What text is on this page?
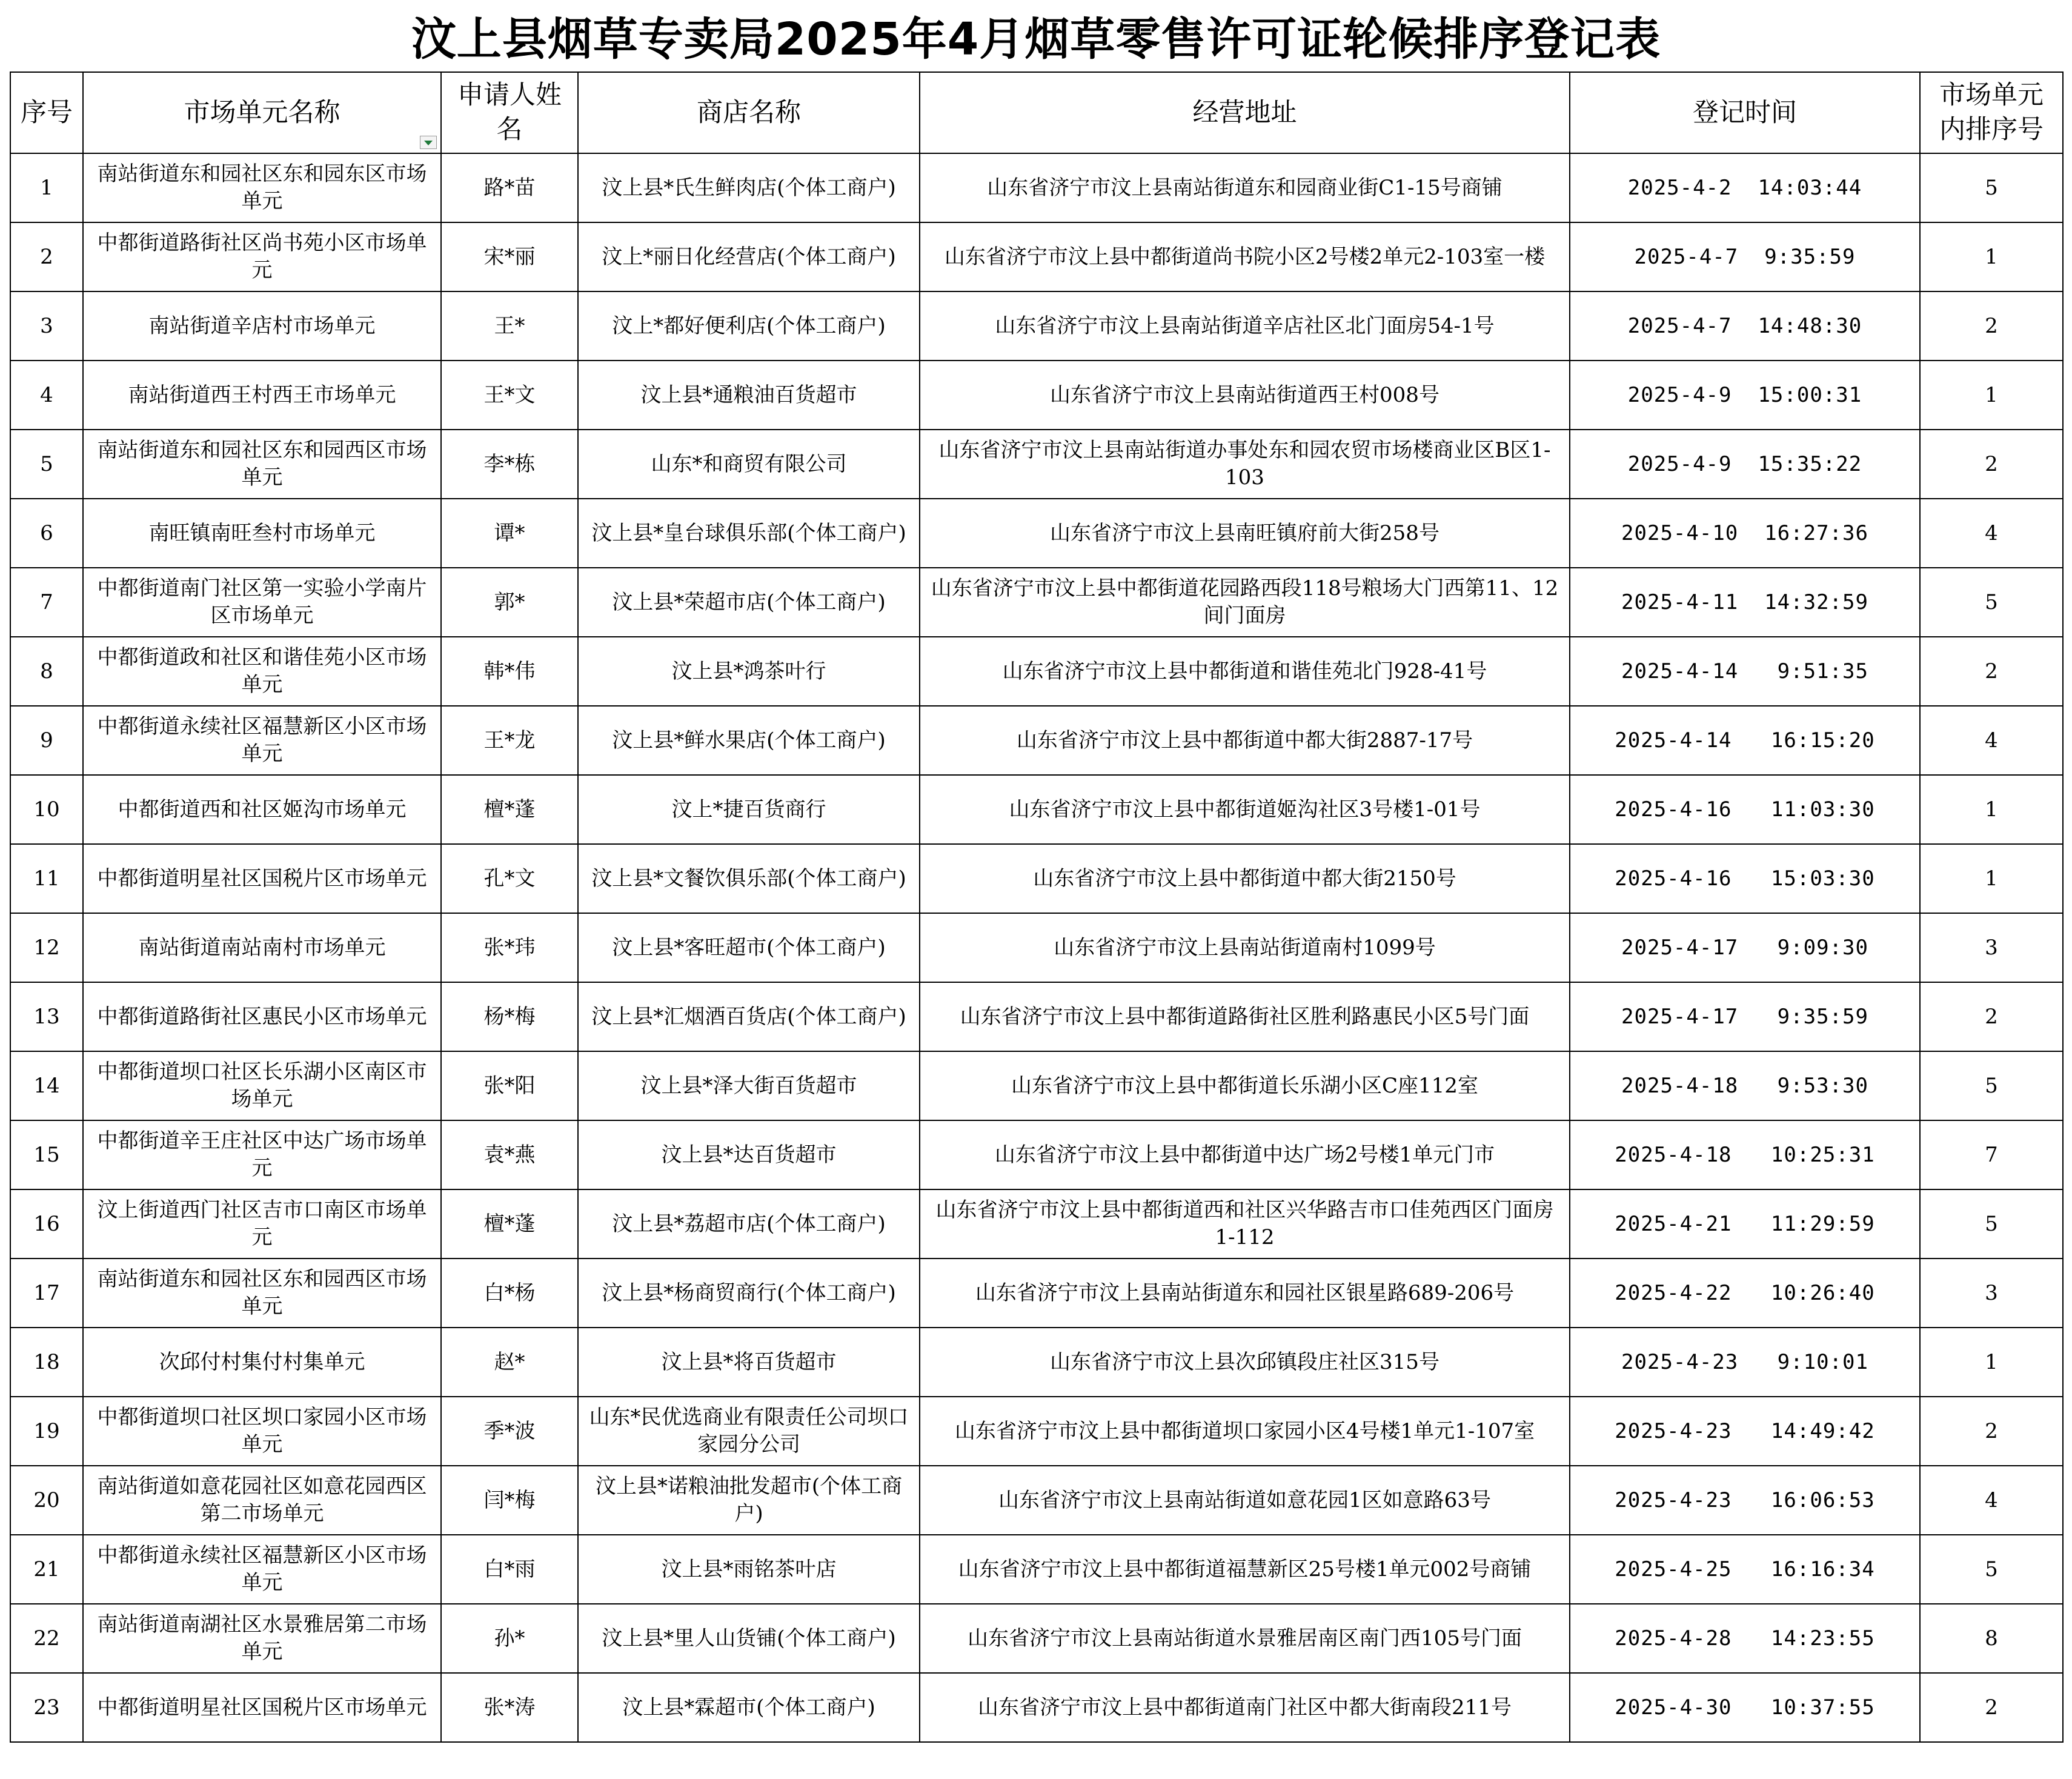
汶上县烟草专卖局2025年4月烟草零售许可证轮候排序登记表
序号	市场单元名称	申请人姓名	商店名称	经营地址	登记时间	市场单元内排序号
1	南站街道东和园社区东和园东区市场单元	路*苗	汶上县*氏生鲜肉店(个体工商户)	山东省济宁市汶上县南站街道东和园商业街C1-15号商铺	2025-4-2  14:03:44	5
2	中都街道路街社区尚书苑小区市场单元	宋*丽	汶上*丽日化经营店(个体工商户)	山东省济宁市汶上县中都街道尚书院小区2号楼2单元2-103室一楼	2025-4-7  9:35:59	1
3	南站街道辛店村市场单元	王*	汶上*都好便利店(个体工商户)	山东省济宁市汶上县南站街道辛店社区北门面房54-1号	2025-4-7  14:48:30	2
4	南站街道西王村西王市场单元	王*文	汶上县*通粮油百货超市	山东省济宁市汶上县南站街道西王村008号	2025-4-9  15:00:31	1
5	南站街道东和园社区东和园西区市场单元	李*栋	山东*和商贸有限公司	山东省济宁市汶上县南站街道办事处东和园农贸市场楼商业区B区1-103	2025-4-9  15:35:22	2
6	南旺镇南旺叁村市场单元	谭*	汶上县*皇台球俱乐部(个体工商户)	山东省济宁市汶上县南旺镇府前大街258号	2025-4-10  16:27:36	4
7	中都街道南门社区第一实验小学南片区市场单元	郭*	汶上县*荣超市店(个体工商户)	山东省济宁市汶上县中都街道花园路西段118号粮场大门西第11、12间门面房	2025-4-11  14:32:59	5
8	中都街道政和社区和谐佳苑小区市场单元	韩*伟	汶上县*鸿茶叶行	山东省济宁市汶上县中都街道和谐佳苑北门928-41号	2025-4-14   9:51:35	2
9	中都街道永续社区福慧新区小区市场单元	王*龙	汶上县*鲜水果店(个体工商户)	山东省济宁市汶上县中都街道中都大街2887-17号	2025-4-14   16:15:20	4
10	中都街道西和社区姬沟市场单元	檀*蓬	汶上*捷百货商行	山东省济宁市汶上县中都街道姬沟社区3号楼1-01号	2025-4-16   11:03:30	1
11	中都街道明星社区国税片区市场单元	孔*文	汶上县*文餐饮俱乐部(个体工商户)	山东省济宁市汶上县中都街道中都大街2150号	2025-4-16   15:03:30	1
12	南站街道南站南村市场单元	张*玮	汶上县*客旺超市(个体工商户)	山东省济宁市汶上县南站街道南村1099号	2025-4-17   9:09:30	3
13	中都街道路街社区惠民小区市场单元	杨*梅	汶上县*汇烟酒百货店(个体工商户)	山东省济宁市汶上县中都街道路街社区胜利路惠民小区5号门面	2025-4-17   9:35:59	2
14	中都街道坝口社区长乐湖小区南区市场单元	张*阳	汶上县*泽大街百货超市	山东省济宁市汶上县中都街道长乐湖小区C座112室	2025-4-18   9:53:30	5
15	中都街道辛王庄社区中达广场市场单元	袁*燕	汶上县*达百货超市	山东省济宁市汶上县中都街道中达广场2号楼1单元门市	2025-4-18   10:25:31	7
16	汶上街道西门社区吉市口南区市场单元	檀*蓬	汶上县*荔超市店(个体工商户)	山东省济宁市汶上县中都街道西和社区兴华路吉市口佳苑西区门面房1-112	2025-4-21   11:29:59	5
17	南站街道东和园社区东和园西区市场单元	白*杨	汶上县*杨商贸商行(个体工商户)	山东省济宁市汶上县南站街道东和园社区银星路689-206号	2025-4-22   10:26:40	3
18	次邱付村集付村集单元	赵*	汶上县*将百货超市	山东省济宁市汶上县次邱镇段庄社区315号	2025-4-23   9:10:01	1
19	中都街道坝口社区坝口家园小区市场单元	季*波	山东*民优选商业有限责任公司坝口家园分公司	山东省济宁市汶上县中都街道坝口家园小区4号楼1单元1-107室	2025-4-23   14:49:42	2
20	南站街道如意花园社区如意花园西区第二市场单元	闫*梅	汶上县*诺粮油批发超市(个体工商户)	山东省济宁市汶上县南站街道如意花园1区如意路63号	2025-4-23   16:06:53	4
21	中都街道永续社区福慧新区小区市场单元	白*雨	汶上县*雨铭茶叶店	山东省济宁市汶上县中都街道福慧新区25号楼1单元002号商铺	2025-4-25   16:16:34	5
22	南站街道南湖社区水景雅居第二市场单元	孙*	汶上县*里人山货铺(个体工商户)	山东省济宁市汶上县南站街道水景雅居南区南门西105号门面	2025-4-28   14:23:55	8
23	中都街道明星社区国税片区市场单元	张*涛	汶上县*霖超市(个体工商户)	山东省济宁市汶上县中都街道南门社区中都大街南段211号	2025-4-30   10:37:55	2
